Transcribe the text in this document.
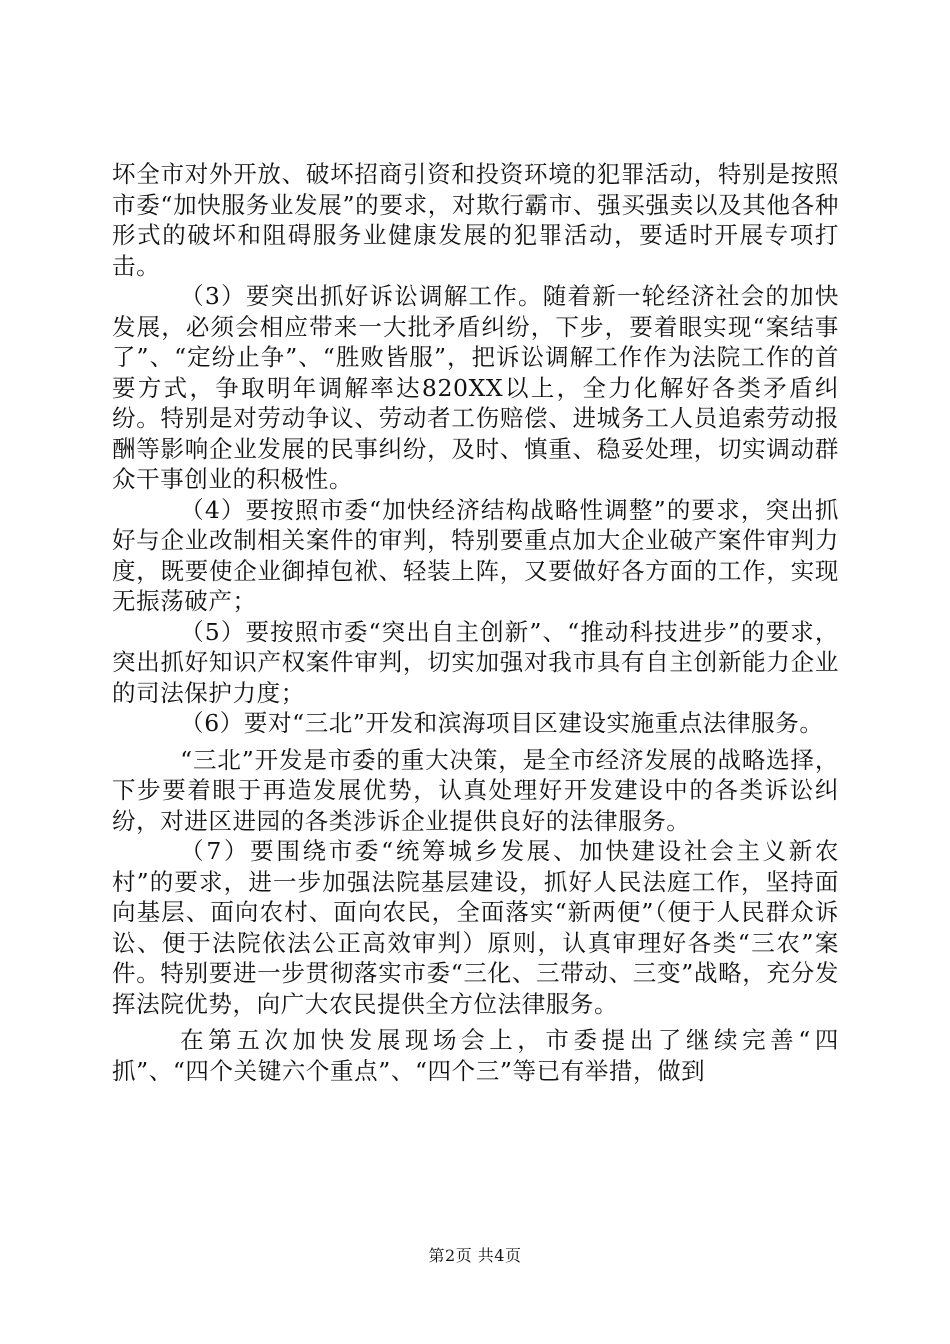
坏全市对外开放、破坏招商引资和投资环境的犯罪活动，特别是按照市委“加快服务业发展”的要求，对欺行霸市、强买强卖以及其他各种形式的破坏和阻碍服务业健康发展的犯罪活动，要适时开展专项打击。

（3）要突出抓好诉讼调解工作。随着新一轮经济社会的加快发展，必须会相应带来一大批矛盾纠纷，下步，要着眼实现“案结事了”、“定纷止争”、“胜败皆服”，把诉讼调解工作作为法院工作的首要方式，争取明年调解率达820XX以上，全力化解好各类矛盾纠纷。特别是对劳动争议、劳动者工伤赔偿、进城务工人员追索劳动报酬等影响企业发展的民事纠纷，及时、慎重、稳妥处理，切实调动群众干事创业的积极性。

（4）要按照市委“加快经济结构战略性调整”的要求，突出抓好与企业改制相关案件的审判，特别要重点加大企业破产案件审判力度，既要使企业御掉包袱、轻装上阵，又要做好各方面的工作，实现无振荡破产；

（5）要按照市委“突出自主创新”、“推动科技进步”的要求，突出抓好知识产权案件审判，切实加强对我市具有自主创新能力企业的司法保护力度；

（6）要对“三北”开发和滨海项目区建设实施重点法律服务。

“三北”开发是市委的重大决策，是全市经济发展的战略选择，下步要着眼于再造发展优势，认真处理好开发建设中的各类诉讼纠纷，对进区进园的各类涉诉企业提供良好的法律服务。

（7）要围绕市委“统筹城乡发展、加快建设社会主义新农村”的要求，进一步加强法院基层建设，抓好人民法庭工作，坚持面向基层、面向农村、面向农民，全面落实“新两便”（便于人民群众诉讼、便于法院依法公正高效审判）原则，认真审理好各类“三农”案件。特别要进一步贯彻落实市委“三化、三带动、三变”战略，充分发挥法院优势，向广大农民提供全方位法律服务。

在第五次加快发展现场会上，市委提出了继续完善“四抓”、“四个关键六个重点”、“四个三”等已有举措，做到

第2页 共4页
